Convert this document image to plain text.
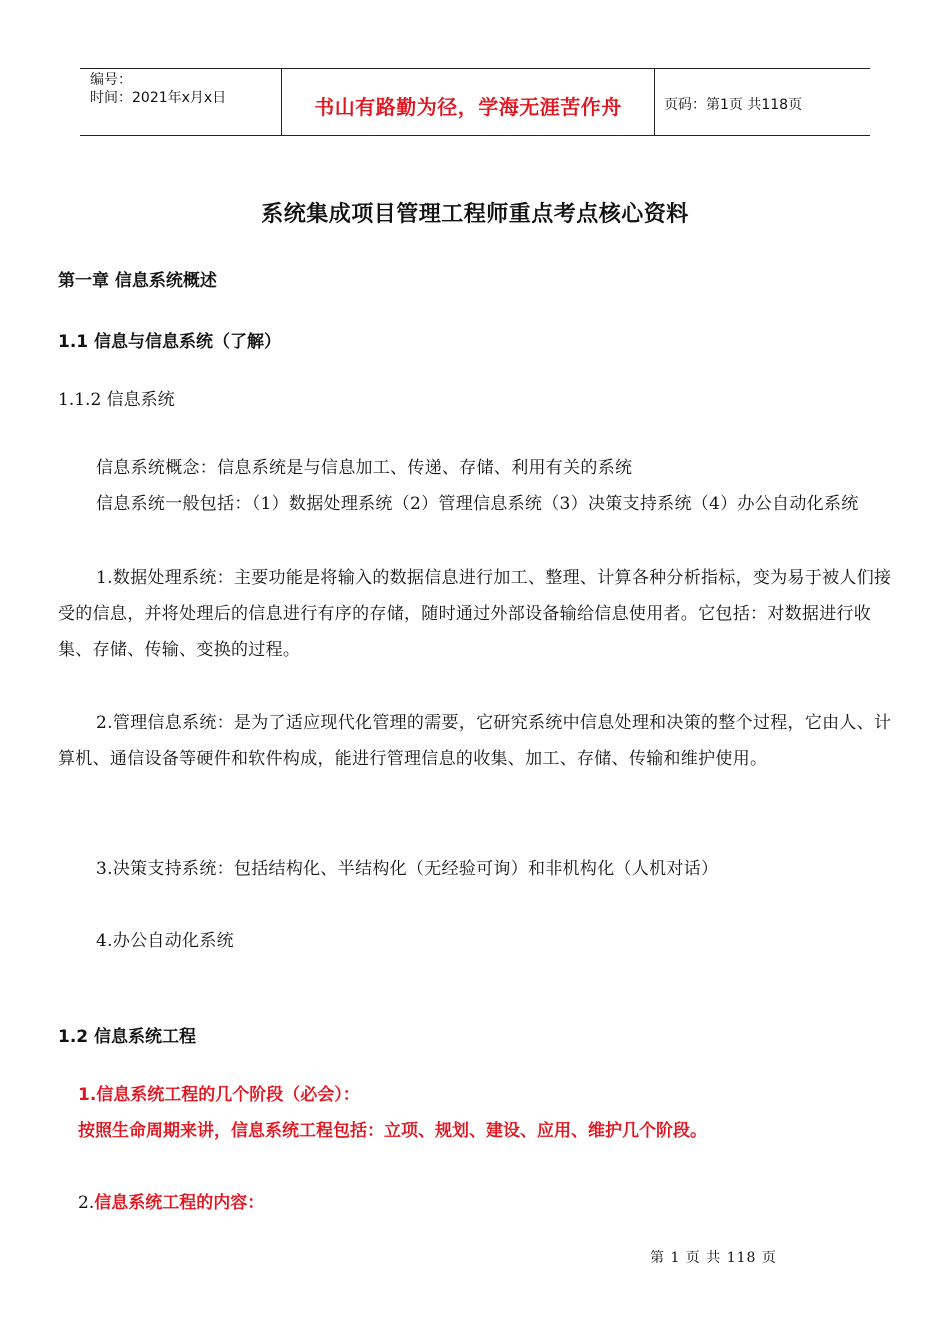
编号：
时间：2021年x月x日	书山有路勤为径，学海无涯苦作舟	页码：第1页 共118页
系统集成项目管理工程师重点考点核心资料
第一章 信息系统概述
1.1 信息与信息系统（了解）
1.1.2 信息系统

信息系统概念：信息系统是与信息加工、传递、存储、利用有关的系统

信息系统一般包括：（1）数据处理系统（2）管理信息系统（3）决策支持系统（4）办公自动化系统

1.数据处理系统：主要功能是将输入的数据信息进行加工、整理、计算各种分析指标，变为易于被人们接受的信息，并将处理后的信息进行有序的存储，随时通过外部设备输给信息使用者。它包括：对数据进行收集、存储、传输、变换的过程。

2.管理信息系统：是为了适应现代化管理的需要，它研究系统中信息处理和决策的整个过程，它由人、计算机、通信设备等硬件和软件构成，能进行管理信息的收集、加工、存储、传输和维护使用。

3.决策支持系统：包括结构化、半结构化（无经验可询）和非机构化（人机对话）

4.办公自动化系统

1.2 信息系统工程
1.信息系统工程的几个阶段（必会）：
按照生命周期来讲，信息系统工程包括：立项、规划、建设、应用、维护几个阶段。
2.信息系统工程的内容：
第 1 页 共 118 页
